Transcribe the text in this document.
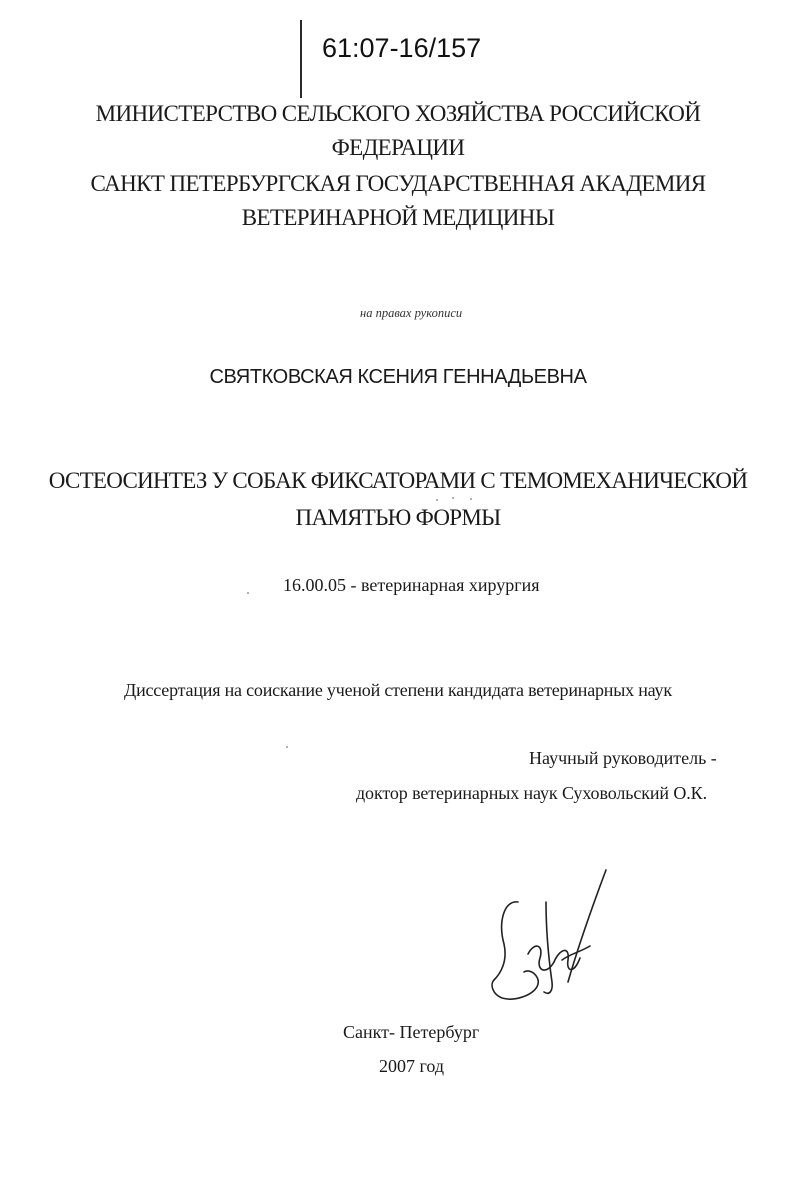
61:07-16/157
МИНИСТЕРСТВО СЕЛЬСКОГО ХОЗЯЙСТВА РОССИЙСКОЙ
ФЕДЕРАЦИИ
САНКТ ПЕТЕРБУРГСКАЯ ГОСУДАРСТВЕННАЯ АКАДЕМИЯ
ВЕТЕРИНАРНОЙ МЕДИЦИНЫ
на правах рукописи
СВЯТКОВСКАЯ КСЕНИЯ ГЕННАДЬЕВНА
ОСТЕОСИНТЕЗ У СОБАК ФИКСАТОРАМИ С ТЕМОМЕХАНИЧЕСКОЙ
ПАМЯТЬЮ ФОРМЫ
16.00.05 - ветеринарная хирургия
Диссертация на соискание ученой степени кандидата ветеринарных наук
Научный руководитель -
доктор ветеринарных наук Суховольский О.К.
Санкт- Петербург
2007 год
